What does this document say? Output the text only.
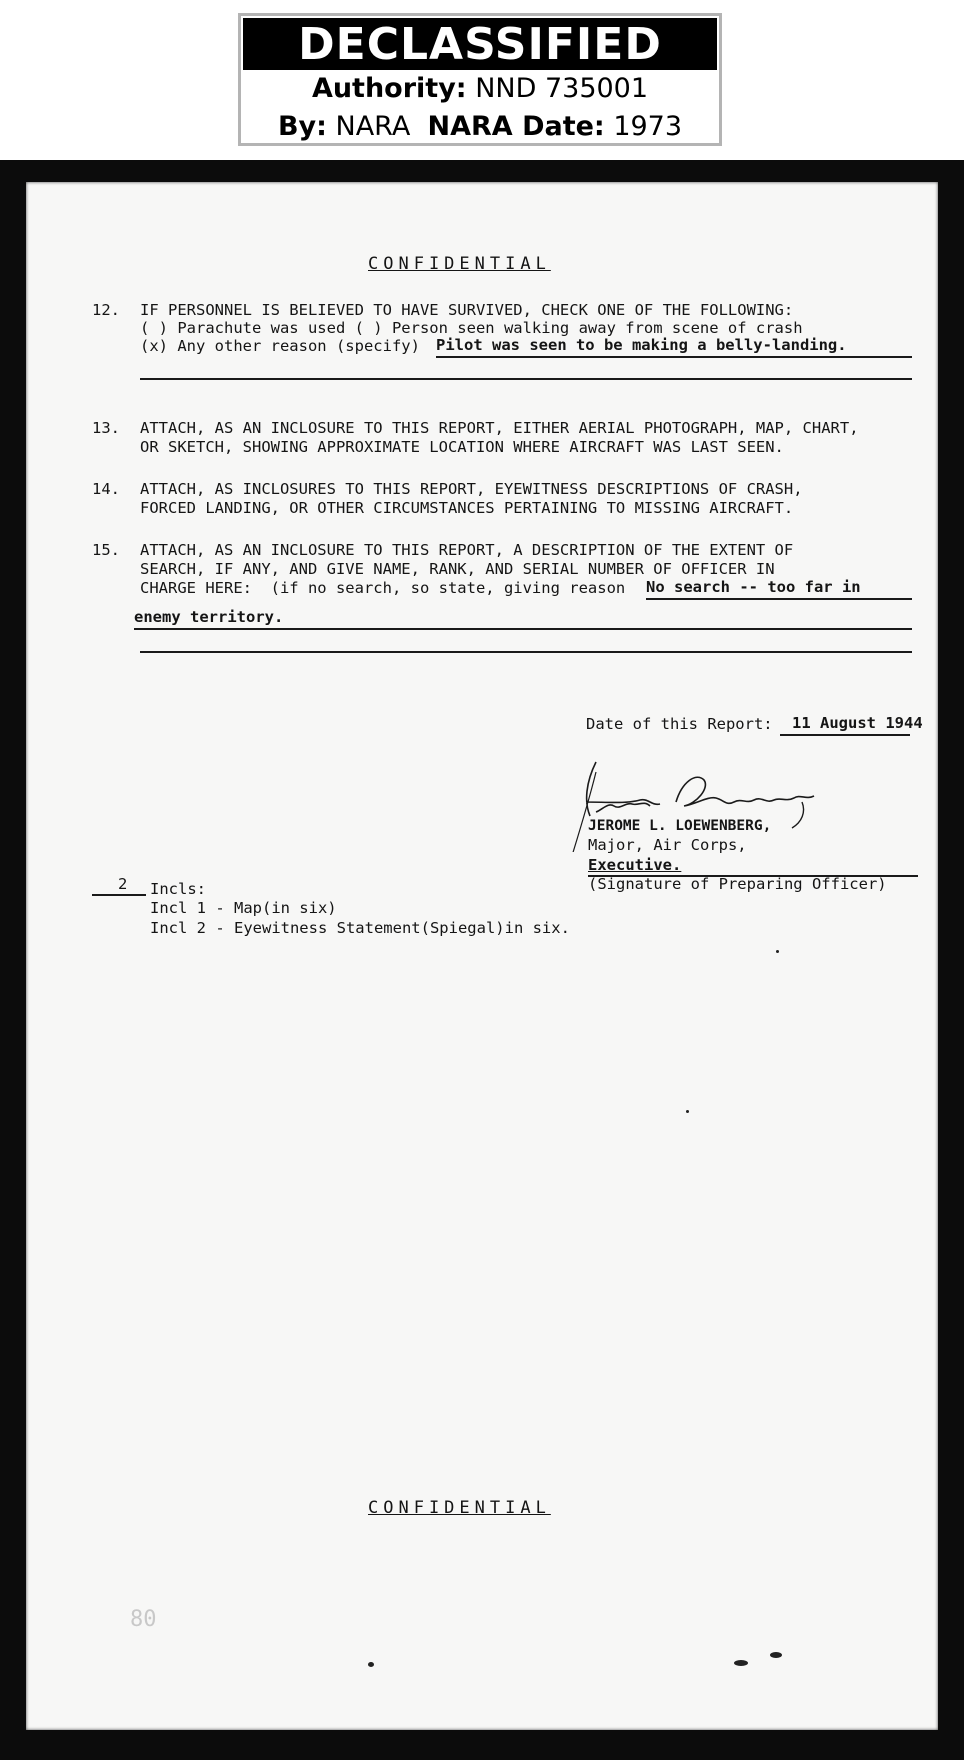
DECLASSIFIED
Authority: NND 735001
By: NARA NARA Date: 1973
CONFIDENTIAL
12. IF PERSONNEL IS BELIEVED TO HAVE SURVIVED, CHECK ONE OF THE FOLLOWING:
( ) Parachute was used ( ) Person seen walking away from scene of crash
(x) Any other reason (specify) Pilot was seen to be making a belly-landing.
13. ATTACH, AS AN INCLOSURE TO THIS REPORT, EITHER AERIAL PHOTOGRAPH, MAP, CHART,
OR SKETCH, SHOWING APPROXIMATE LOCATION WHERE AIRCRAFT WAS LAST SEEN.
14. ATTACH, AS INCLOSURES TO THIS REPORT, EYEWITNESS DESCRIPTIONS OF CRASH,
FORCED LANDING, OR OTHER CIRCUMSTANCES PERTAINING TO MISSING AIRCRAFT.
15. ATTACH, AS AN INCLOSURE TO THIS REPORT, A DESCRIPTION OF THE EXTENT OF
SEARCH, IF ANY, AND GIVE NAME, RANK, AND SERIAL NUMBER OF OFFICER IN
CHARGE HERE:  (if no search, so state, giving reason No search -- too far in
enemy territory.
Date of this Report: 11 August 1944
JEROME L. LOEWENBERG,
Major, Air Corps,
Executive.
(Signature of Preparing Officer)
2 Incls:
Incl 1 - Map(in six)
Incl 2 - Eyewitness Statement(Spiegal)in six.
CONFIDENTIAL
80
